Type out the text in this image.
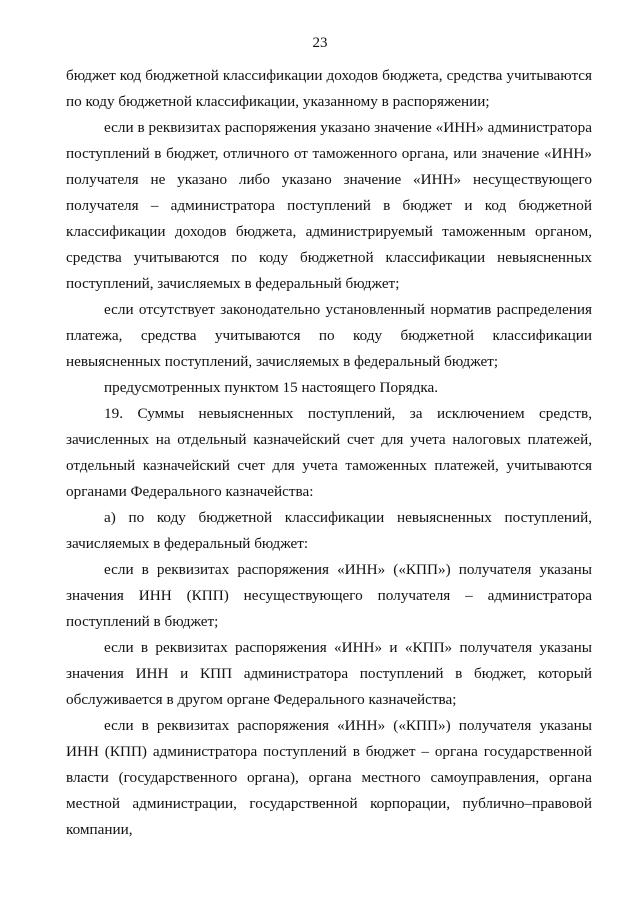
23

бюджет код бюджетной классификации доходов бюджета, средства учитываются по коду бюджетной классификации, указанному в распоряжении;

если в реквизитах распоряжения указано значение «ИНН» администратора поступлений в бюджет, отличного от таможенного органа, или значение «ИНН» получателя не указано либо указано значение «ИНН» несуществующего получателя – администратора поступлений в бюджет и код бюджетной классификации доходов бюджета, администрируемый таможенным органом, средства учитываются по коду бюджетной классификации невыясненных поступлений, зачисляемых в федеральный бюджет;

если отсутствует законодательно установленный норматив распределения платежа, средства учитываются по коду бюджетной классификации невыясненных поступлений, зачисляемых в федеральный бюджет;

предусмотренных пунктом 15 настоящего Порядка.

19. Суммы невыясненных поступлений, за исключением средств, зачисленных на отдельный казначейский счет для учета налоговых платежей, отдельный казначейский счет для учета таможенных платежей, учитываются органами Федерального казначейства:

а) по коду бюджетной классификации невыясненных поступлений, зачисляемых в федеральный бюджет:

если в реквизитах распоряжения «ИНН» («КПП») получателя указаны значения ИНН (КПП) несуществующего получателя – администратора поступлений в бюджет;

если в реквизитах распоряжения «ИНН» и «КПП» получателя указаны значения ИНН и КПП администратора поступлений в бюджет, который обслуживается в другом органе Федерального казначейства;

если в реквизитах распоряжения «ИНН» («КПП») получателя указаны ИНН (КПП) администратора поступлений в бюджет – органа государственной власти (государственного органа), органа местного самоуправления, органа местной администрации, государственной корпорации, публично–правовой компании,
